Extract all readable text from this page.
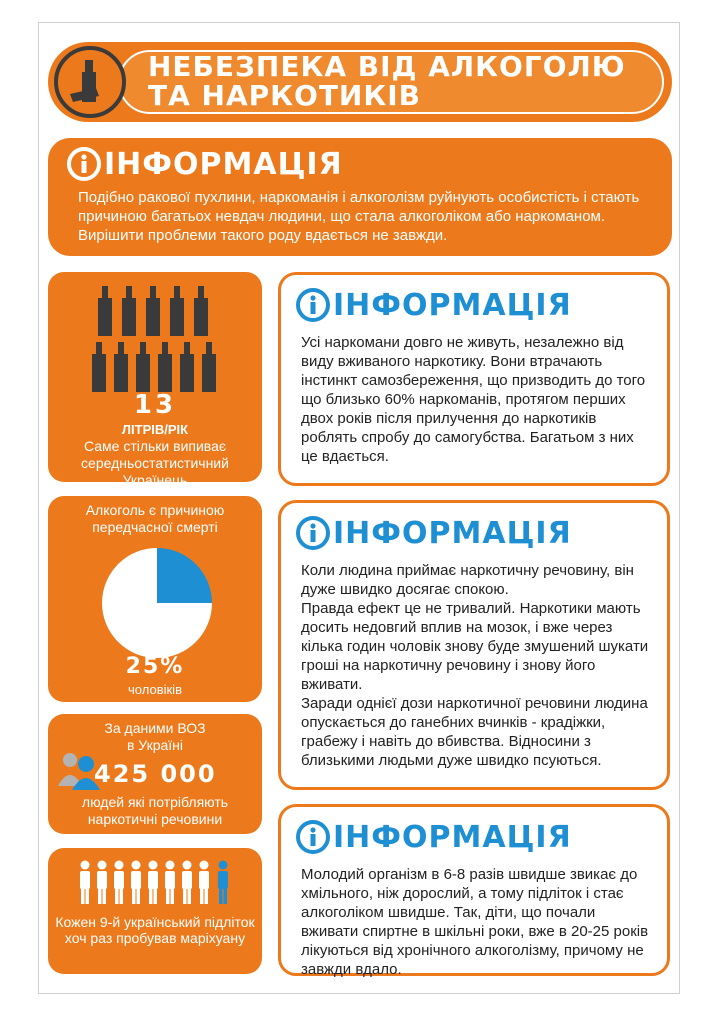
НЕБЕЗПЕКА ВІД АЛКОГОЛЮ
ТА НАРКОТИКІВ
ІНФОРМАЦІЯ
Подібно ракової пухлини, наркоманія і алкоголізм руйнують особистість і стають причиною багатьох невдач людини, що стала алкоголіком або наркоманом. Вирішити проблеми такого роду вдається не завжди.
13
ЛІТРІВ/РІК
Саме стільки випиває середньостатистичний Українець
Алкоголь є причиною передчасної смерті
25%
чоловіків
За даними ВОЗ
в Україні
425 000
людей які потрібляють наркотичні речовини
Кожен 9-й український підліток хоч раз пробував маріхуану
ІНФОРМАЦІЯ
Усі наркомани довго не живуть, незалежно від виду вживаного наркотику. Вони втрачають інстинкт самозбереження, що призводить до того що близько 60% наркоманів, протягом перших двох років після прилучення до наркотиків роблять спробу до самогубства. Багатьом з них це вдається.
ІНФОРМАЦІЯ
Коли людина приймає наркотичну речовину, він дуже швидко досягає спокою.
Правда ефект це не тривалий. Наркотики мають досить недовгий вплив на мозок, і вже через кілька годин чоловік знову буде змушений шукати гроші на наркотичну речовину і знову його вживати.
Заради однієї дози наркотичної речовини людина опускається до ганебних вчинків - крадіжки, грабежу і навіть до вбивства. Відносини з близькими людьми дуже швидко псуються.
ІНФОРМАЦІЯ
Молодий організм в 6-8 разів швидше звикає до хмільного, ніж дорослий, а тому підліток і стає алкоголіком швидше. Так, діти, що почали вживати спиртне в шкільні роки, вже в 20-25 років лікуються від хронічного алкоголізму, причому не завжди вдало.
